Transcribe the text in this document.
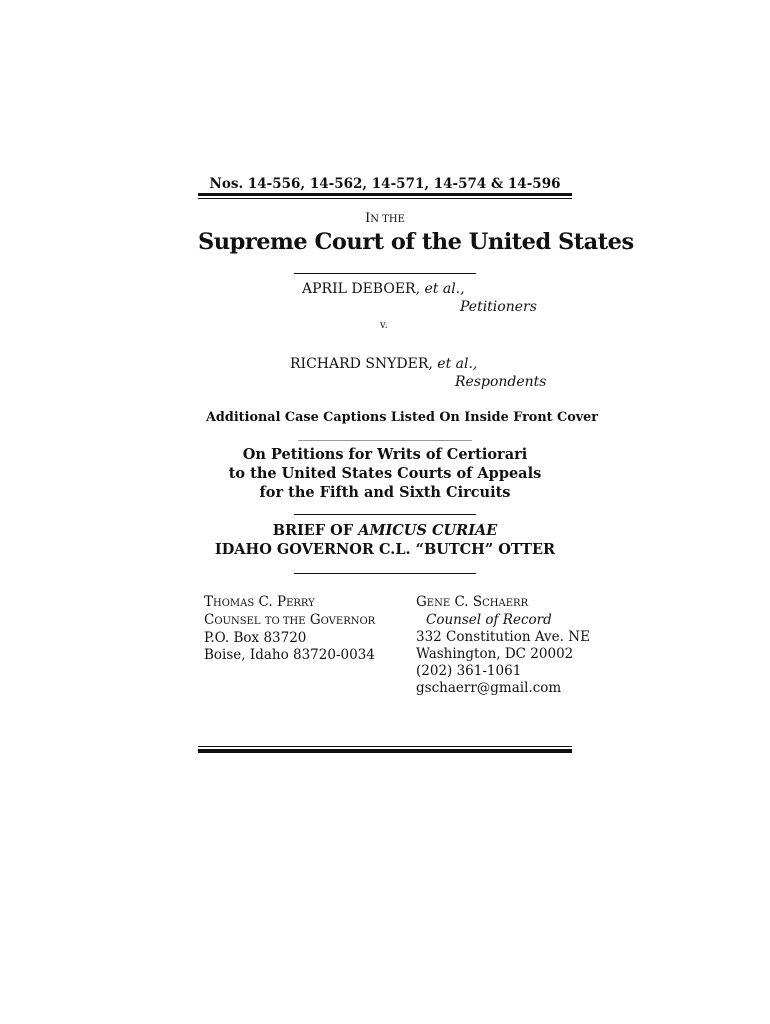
Nos. 14-556, 14-562, 14-571, 14-574 & 14-596
IN THE
Supreme Court of the United States
APRIL DEBOER, et al.,
Petitioners
v.
RICHARD SNYDER, et al.,
Respondents
Additional Case Captions Listed On Inside Front Cover
On Petitions for Writs of Certiorari
to the United States Courts of Appeals
for the Fifth and Sixth Circuits
BRIEF OF AMICUS CURIAE
IDAHO GOVERNOR C.L. “BUTCH” OTTER
THOMAS C. PERRY
COUNSEL TO THE GOVERNOR
P.O. Box 83720
Boise, Idaho 83720-0034
GENE C. SCHAERR
Counsel of Record
332 Constitution Ave. NE
Washington, DC 20002
(202) 361-1061
gschaerr@gmail.com
